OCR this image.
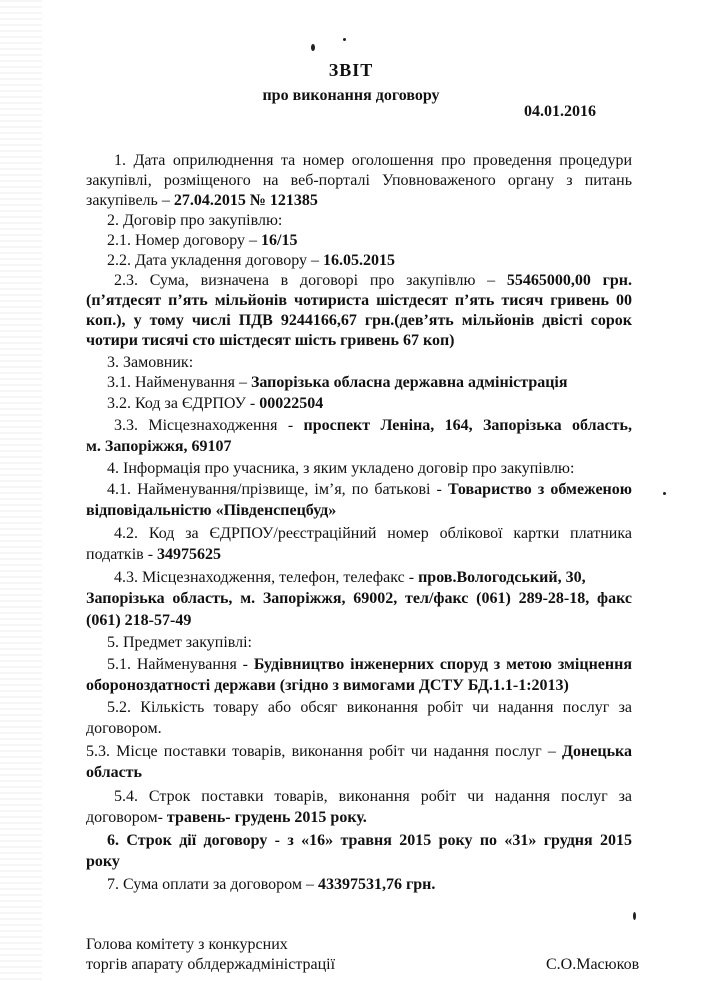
ЗВІТ
про виконання договору
04.01.2016
1. Дата оприлюднення та номер оголошення про проведення процедури
закупівлі, розміщеного на веб-порталі Уповноваженого органу з питань
закупівель – 27.04.2015 № 121385
2. Договір про закупівлю:
2.1. Номер договору – 16/15
2.2. Дата укладення договору – 16.05.2015
2.3. Сума, визначена в договорі про закупівлю – 55465000,00 грн.
(п’ятдесят п’ять мільйонів чотириста шістдесят п’ять тисяч гривень 00
коп.), у тому числі ПДВ 9244166,67 грн.(дев’ять мільйонів двісті сорок
чотири тисячі сто шістдесят шість гривень 67 коп)
3. Замовник:
3.1. Найменування – Запорізька обласна державна адміністрація
3.2. Код за ЄДРПОУ - 00022504
3.3. Місцезнаходження - проспект Леніна, 164, Запорізька область,
м. Запоріжжя, 69107
4. Інформація про учасника, з яким укладено договір про закупівлю:
4.1. Найменування/прізвище, ім’я, по батькові - Товариство з обмеженою
відповідальністю «Південспецбуд»
4.2. Код за ЄДРПОУ/реєстраційний номер облікової картки платника
податків - 34975625
4.3. Місцезнаходження, телефон, телефакс - пров.Вологодський, 30,
Запорізька область, м. Запоріжжя, 69002, тел/факс (061) 289-28-18, факс
(061) 218-57-49
5. Предмет закупівлі:
5.1. Найменування - Будівництво інженерних споруд з метою зміцнення
обороноздатності держави (згідно з вимогами ДСТУ БД.1.1-1:2013)
5.2. Кількість товару або обсяг виконання робіт чи надання послуг за
договором.
5.3. Місце поставки товарів, виконання робіт чи надання послуг – Донецька
область
5.4. Строк поставки товарів, виконання робіт чи надання послуг за
договором- травень- грудень 2015 року.
6. Строк дії договору - з «16» травня 2015 року по «31» грудня 2015
року
7. Сума оплати за договором – 43397531,76 грн.
Голова комітету з конкурсних
торгів апарату облдержадміністрації	С.О.Масюков
